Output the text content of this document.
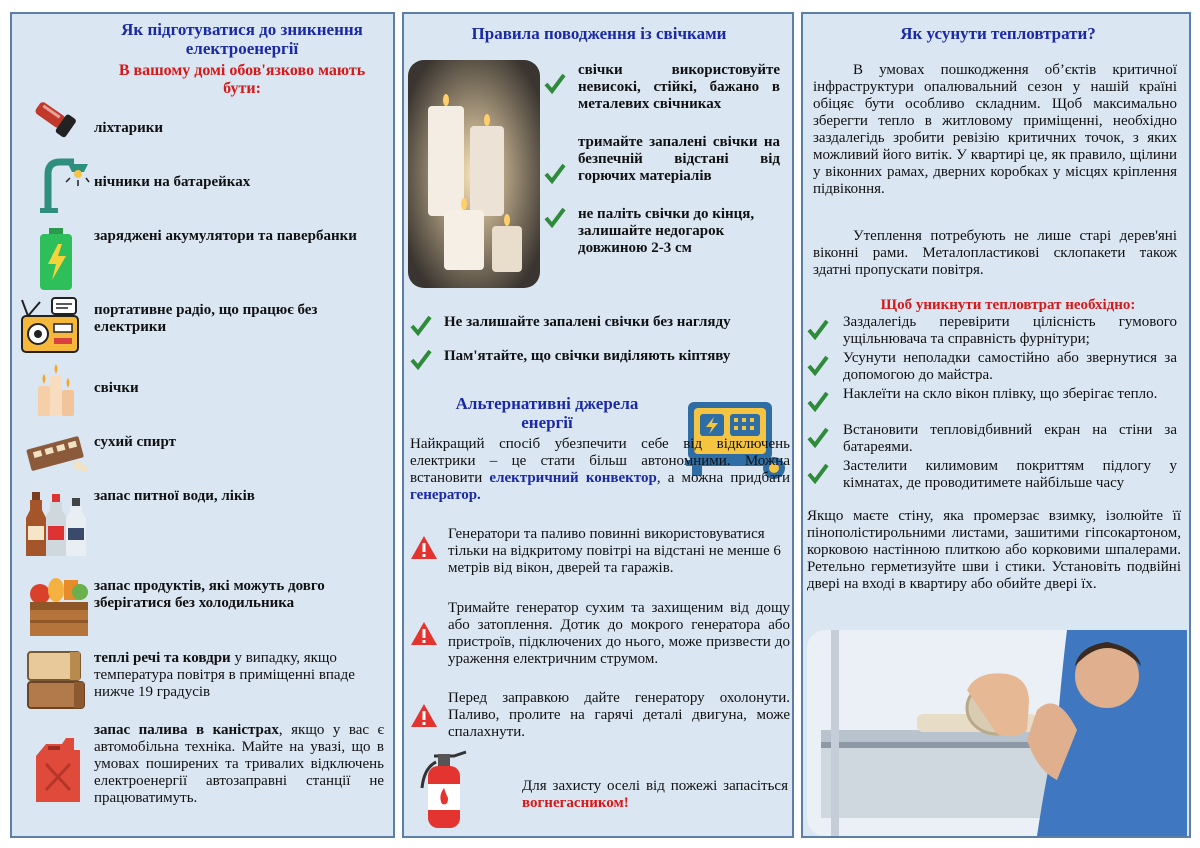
Як підготуватися до зникнення електроенергії
В вашому домі обов'язково мають бути:
ліхтарики
нічники на батарейках
заряджені акумулятори та павербанки
портативне радіо, що працює без електрики
свічки
сухий спирт
запас питної води, ліків
запас продуктів, які можуть довго зберігатися без холодильника
теплі речі та ковдри у випадку, якщо температура повітря в приміщенні впаде нижче 19 градусів
запас палива в каністрах, якщо у вас є автомобільна техніка. Майте на увазі, що в умовах поширених та тривалих відключень електроенергії автозаправні станції не працюватимуть.
Правила поводження із свічками
свічки використовуйте невисокі, стійкі, бажано в металевих свічниках
тримайте запалені свічки на безпечній відстані від горючих матеріалів
не паліть свічки до кінця, залишайте недогарок довжиною 2-3 см
Не залишайте запалені свічки без нагляду
Пам'ятайте, що свічки виділяють кіптяву
Альтернативні джерела енергії
Найкращий спосіб убезпечити себе від відключень електрики – це стати більш автономними. Можна встановити електричний конвектор, а можна придбати генератор.
Генератори та паливо повинні використовуватися тільки на відкритому повітрі на відстані не менше 6 метрів від вікон, дверей та гаражів.
Тримайте генератор сухим та захищеним від дощу або затоплення. Дотик до мокрого генератора або пристроїв, підключених до нього, може призвести до ураження електричним струмом.
Перед заправкою дайте генератору охолонути. Паливо, пролите на гарячі деталі двигуна, може спалахнути.
Для захисту оселі від пожежі запасіться вогнегасником!
Як усунути тепловтрати?
В умовах пошкодження об’єктів критичної інфраструктури опалювальний сезон у нашій країні обіцяє бути особливо складним. Щоб максимально зберегти тепло в житловому приміщенні, необхідно заздалегідь зробити ревізію критичних точок, з яких можливий його витік. У квартирі це, як правило, щілини у віконних рамах, дверних коробках у місцях кріплення підвіконня.
Утеплення потребують не лише старі дерев'яні віконні рами. Металопластикові склопакети також здатні пропускати повітря.
Щоб уникнути тепловтрат необхідно:
Заздалегідь перевірити цілісність гумового ущільнювача та справність фурнітури;
Усунути неполадки самостійно або звернутися за допомогою до майстра.
Наклеїти на скло вікон плівку, що зберігає тепло.
Встановити тепловідбивний екран на стіни за батареями.
Застелити килимовим покриттям підлогу у кімнатах, де проводитимете найбільше часу
Якщо маєте стіну, яка промерзає взимку, ізолюйте її пінополістирольними листами, зашитими гіпсокартоном, корковою настінною плиткою або корковими шпалерами. Ретельно герметизуйте шви і стики. Установіть подвійні двері на вході в квартиру або обийте двері їх.
